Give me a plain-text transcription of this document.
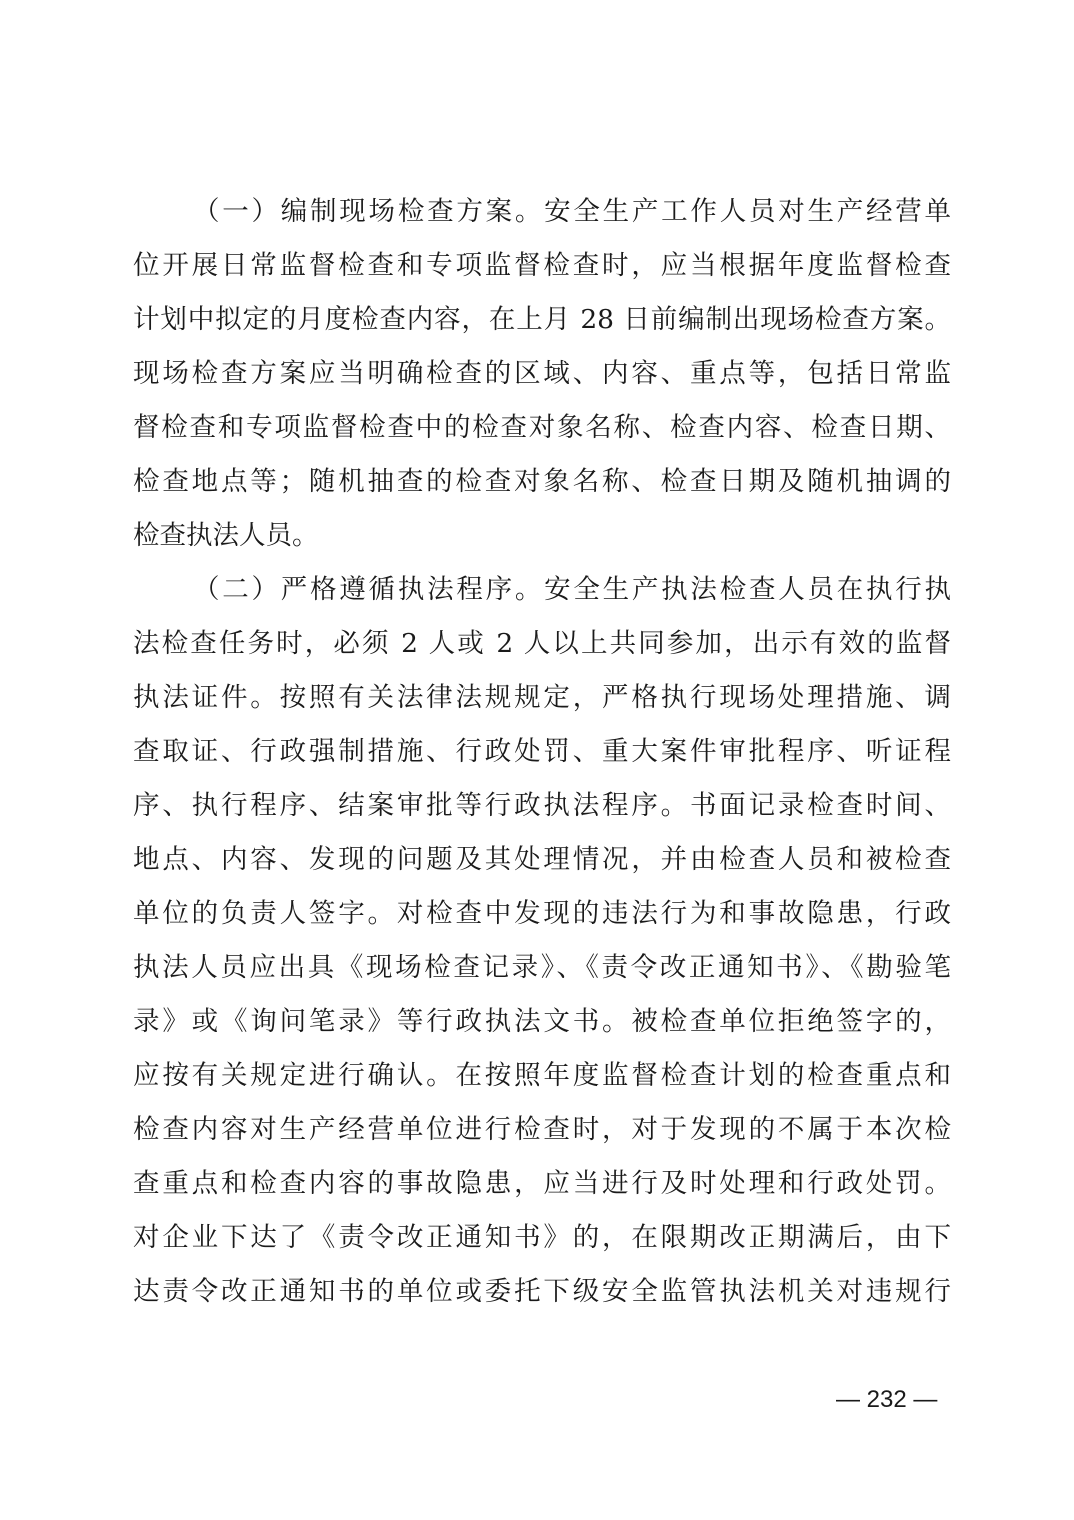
（一）编制现场检查方案。安全生产工作人员对生产经营单
位开展日常监督检查和专项监督检查时，应当根据年度监督检查
计划中拟定的月度检查内容，在上月 28 日前编制出现场检查方案。
现场检查方案应当明确检查的区域、内容、重点等，包括日常监
督检查和专项监督检查中的检查对象名称、检查内容、检查日期、
检查地点等；随机抽查的检查对象名称、检查日期及随机抽调的
检查执法人员。
（二）严格遵循执法程序。安全生产执法检查人员在执行执
法检查任务时，必须 2 人或 2 人以上共同参加，出示有效的监督
执法证件。按照有关法律法规规定，严格执行现场处理措施、调
查取证、行政强制措施、行政处罚、重大案件审批程序、听证程
序、执行程序、结案审批等行政执法程序。书面记录检查时间、
地点、内容、发现的问题及其处理情况，并由检查人员和被检查
单位的负责人签字。对检查中发现的违法行为和事故隐患，行政
执法人员应出具《现场检查记录》、《责令改正通知书》、《勘验笔
录》或《询问笔录》等行政执法文书。被检查单位拒绝签字的，
应按有关规定进行确认。在按照年度监督检查计划的检查重点和
检查内容对生产经营单位进行检查时，对于发现的不属于本次检
查重点和检查内容的事故隐患，应当进行及时处理和行政处罚。
对企业下达了《责令改正通知书》的，在限期改正期满后，由下
达责令改正通知书的单位或委托下级安全监管执法机关对违规行
— 232 —
